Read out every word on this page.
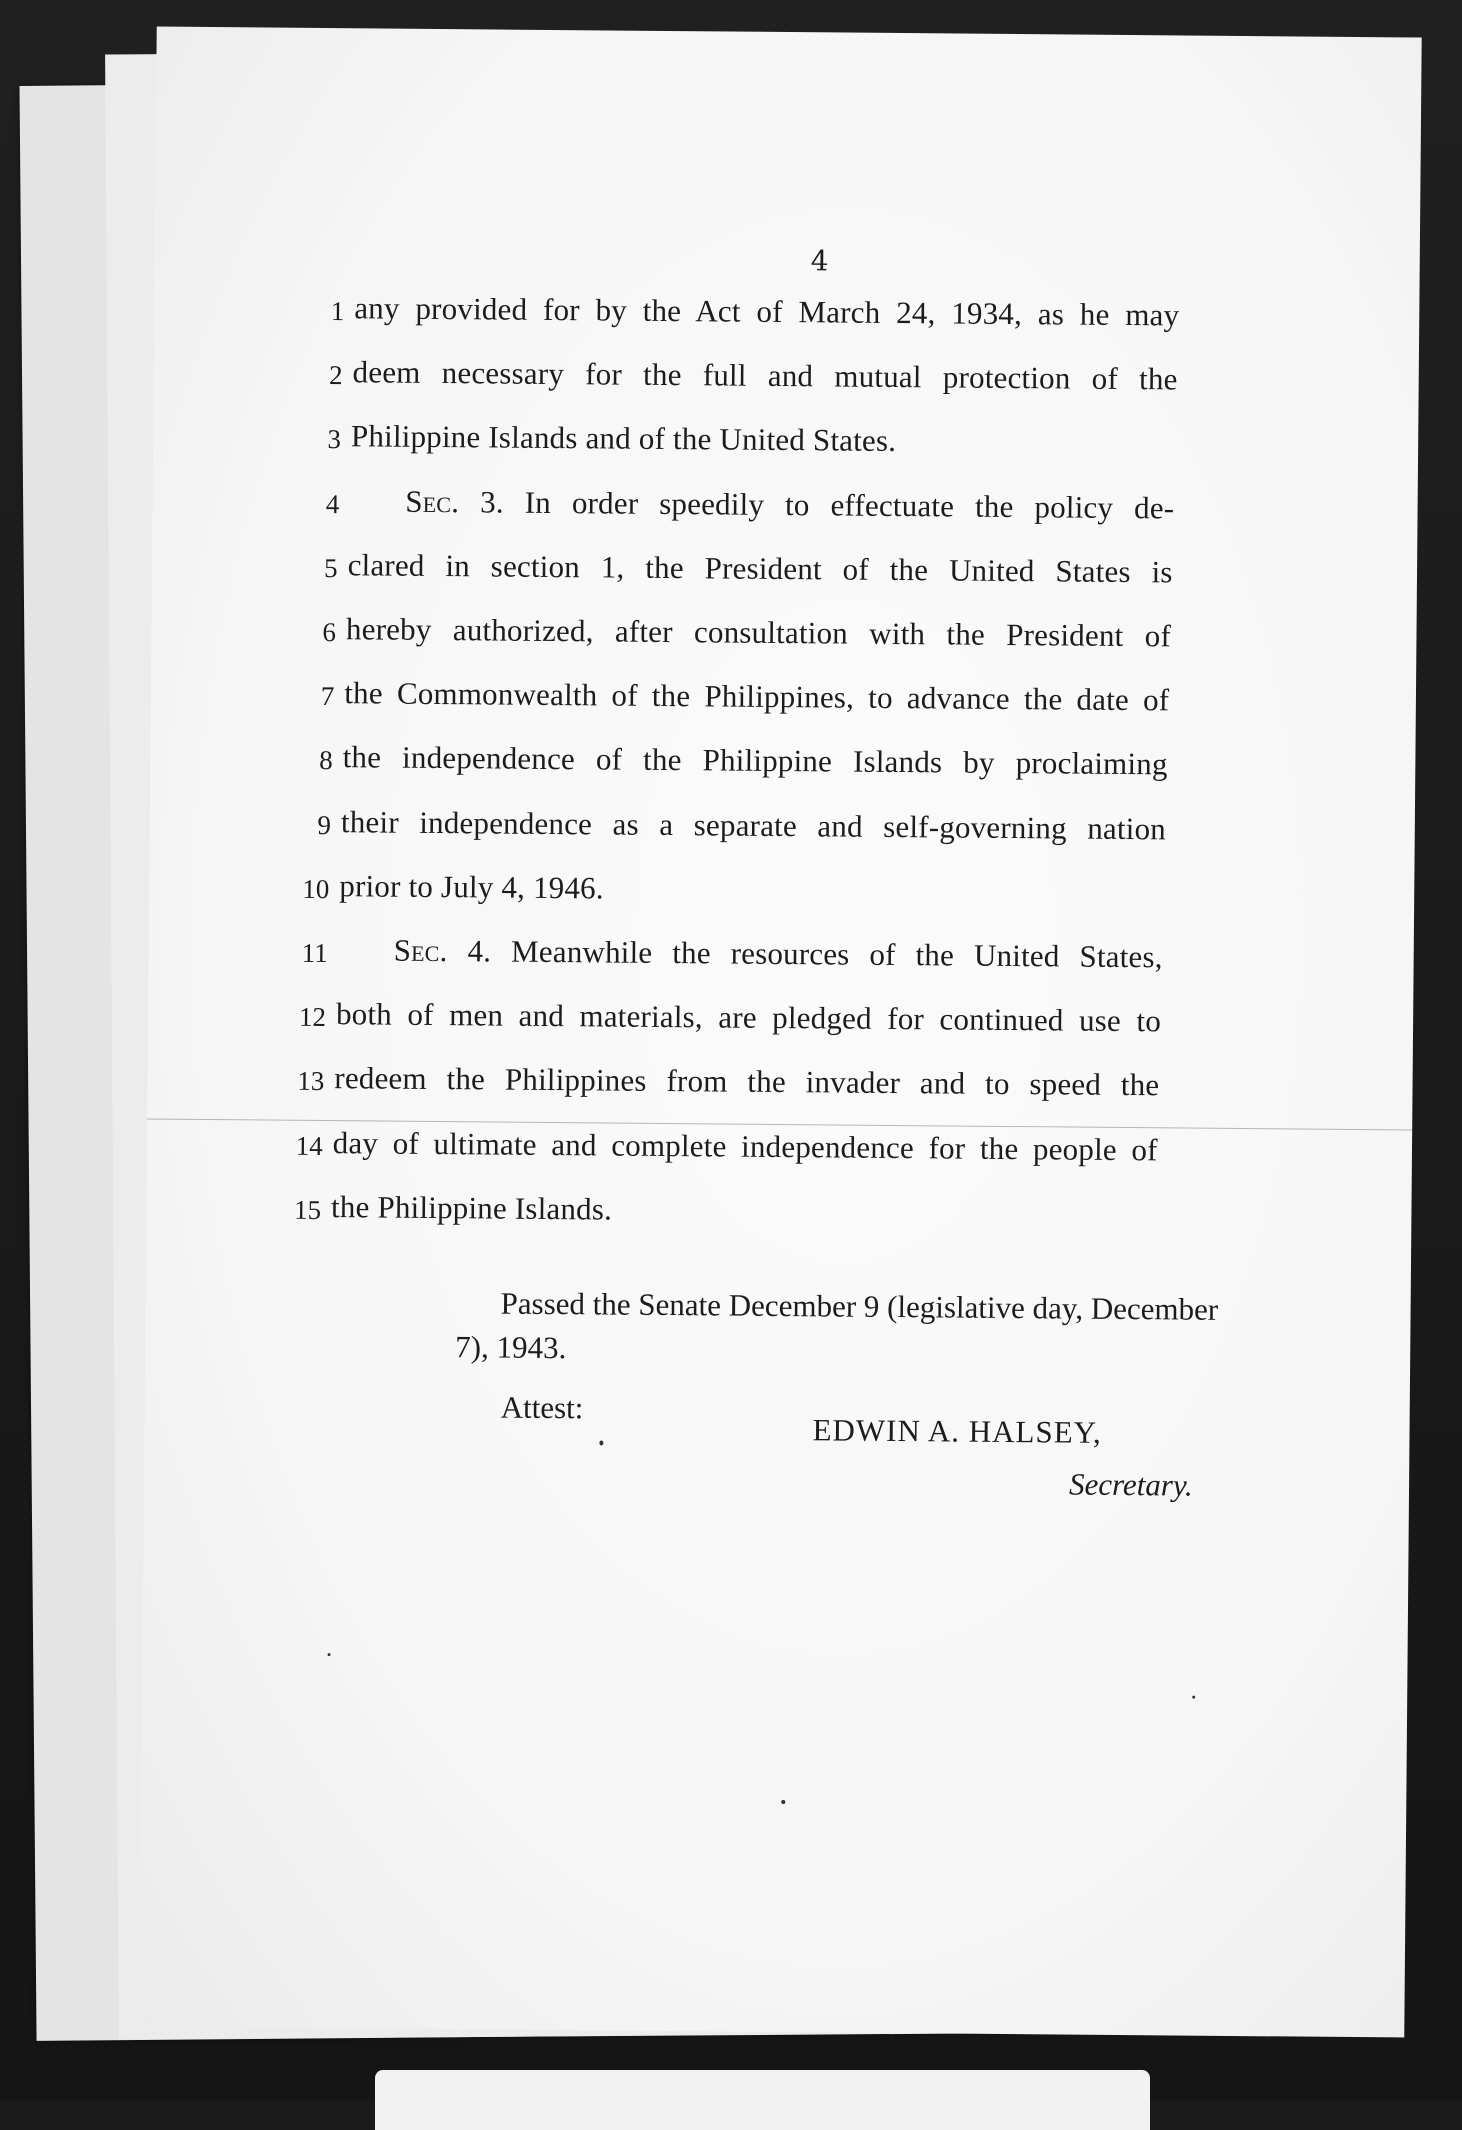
4
1 any provided for by the Act of March 24, 1934, as he may
2 deem necessary for the full and mutual protection of the
3 Philippine Islands and of the United States.
4 Sec. 3. In order speedily to effectuate the policy de-
5 clared in section 1, the President of the United States is
6 hereby authorized, after consultation with the President of
7 the Commonwealth of the Philippines, to advance the date of
8 the independence of the Philippine Islands by proclaiming
9 their independence as a separate and self-governing nation
10 prior to July 4, 1946.
11 Sec. 4. Meanwhile the resources of the United States,
12 both of men and materials, are pledged for continued use to
13 redeem the Philippines from the invader and to speed the
14 day of ultimate and complete independence for the people of
15 the Philippine Islands.
Passed the Senate December 9 (legislative day, December
7), 1943.
Attest:
EDWIN A. HALSEY,
Secretary.
